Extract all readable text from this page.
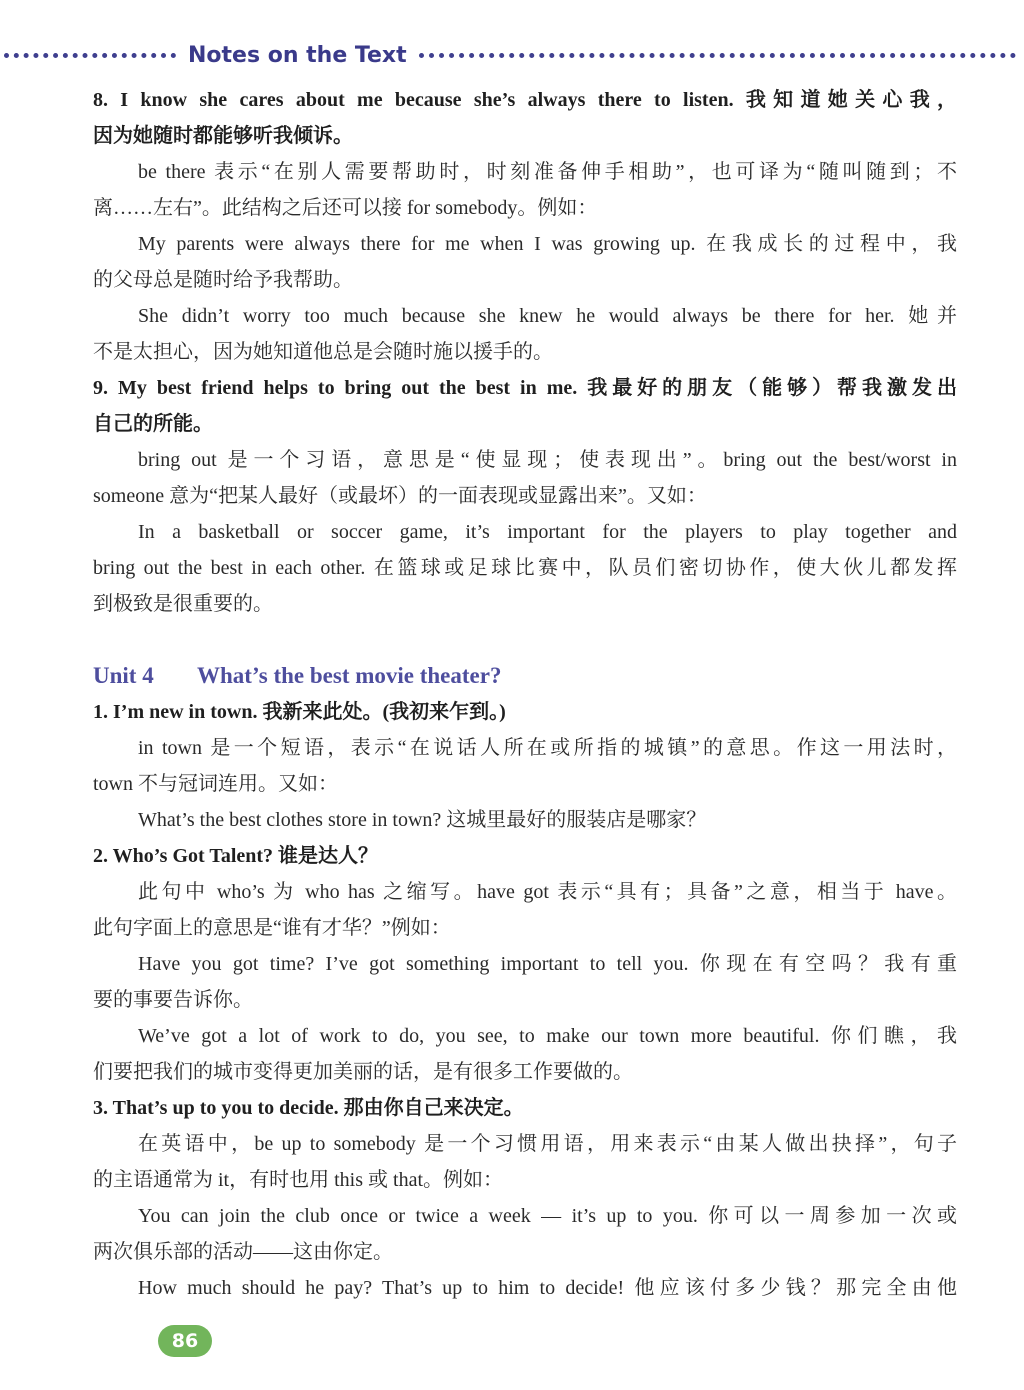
Notes on the Text
8. I know she cares about me because she’s always there to listen. 我知道她关心我，
因为她随时都能够听我倾诉。
be there 表示“在别人需要帮助时，时刻准备伸手相助”，也可译为“随叫随到；不
离……左右”。此结构之后还可以接 for somebody。例如：
My parents were always there for me when I was growing up. 在我成长的过程中，我
的父母总是随时给予我帮助。
She didn’t worry too much because she knew he would always be there for her. 她并
不是太担心，因为她知道他总是会随时施以援手的。
9. My best friend helps to bring out the best in me. 我最好的朋友（能够）帮我激发出
自己的所能。
bring out 是一个习语，意思是“使显现；使表现出”。bring out the best/worst in
someone 意为“把某人最好（或最坏）的一面表现或显露出来”。又如：
In a basketball or soccer game, it’s important for the players to play together and
bring out the best in each other. 在篮球或足球比赛中，队员们密切协作，使大伙儿都发挥
到极致是很重要的。
Unit 4 What’s the best movie theater?
1. I’m new in town. 我新来此处。(我初来乍到。)
in town 是一个短语，表示“在说话人所在或所指的城镇”的意思。作这一用法时，
town 不与冠词连用。又如：
What’s the best clothes store in town? 这城里最好的服装店是哪家？
2. Who’s Got Talent? 谁是达人？
此句中 who’s 为 who has 之缩写。have got 表示“具有；具备”之意，相当于 have。
此句字面上的意思是“谁有才华？”例如：
Have you got time? I’ve got something important to tell you. 你现在有空吗？我有重
要的事要告诉你。
We’ve got a lot of work to do, you see, to make our town more beautiful. 你们瞧，我
们要把我们的城市变得更加美丽的话，是有很多工作要做的。
3. That’s up to you to decide. 那由你自己来决定。
在英语中，be up to somebody 是一个习惯用语，用来表示“由某人做出抉择”，句子
的主语通常为 it，有时也用 this 或 that。例如：
You can join the club once or twice a week — it’s up to you. 你可以一周参加一次或
两次俱乐部的活动——这由你定。
How much should he pay? That’s up to him to decide! 他应该付多少钱？那完全由他
86
